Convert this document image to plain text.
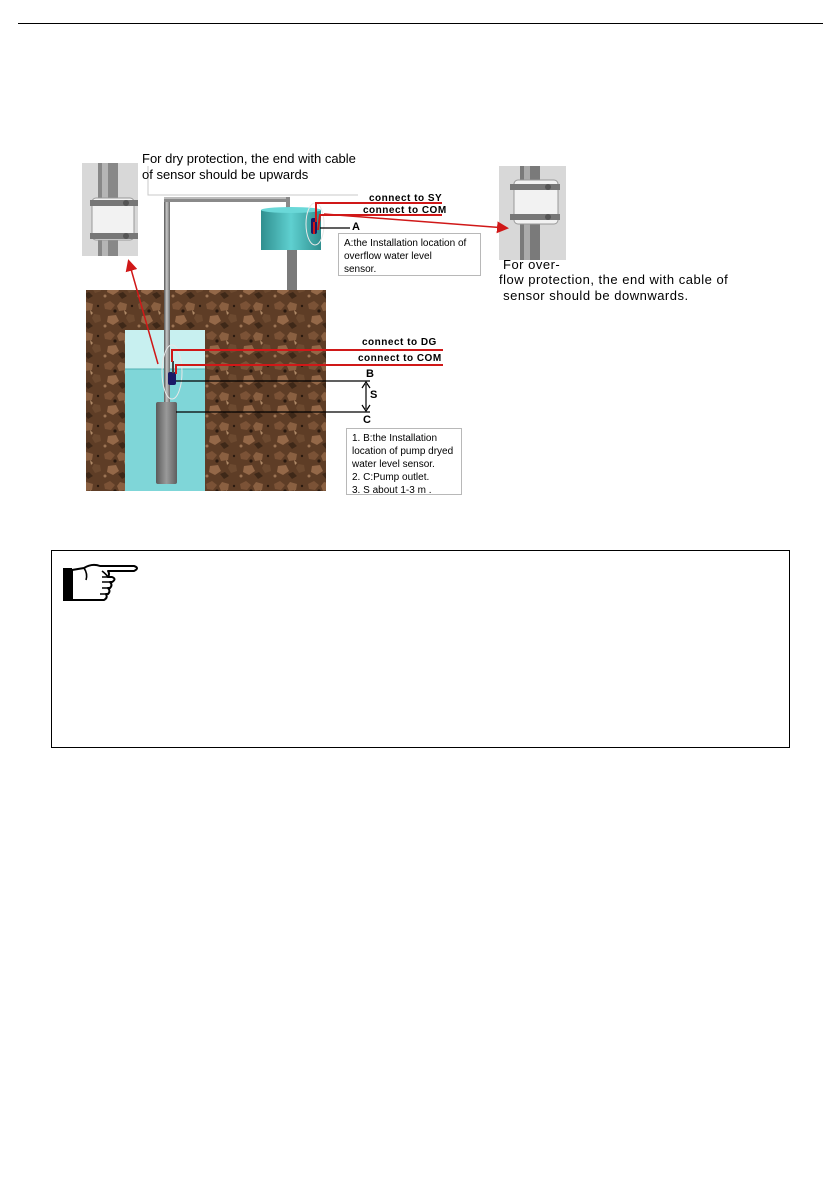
For dry protection, the end with cable
of sensor should be upwards
For over-
flow protection, the end with cable of
sensor should be downwards.
connect to SY
connect to COM
A
A:the Installation location of
overflow water level
sensor.
connect to DG
connect to COM
B
S
C
1. B:the Installation
location of pump dryed
water level sensor.
2. C:Pump outlet.
3. S about 1-3 m .
